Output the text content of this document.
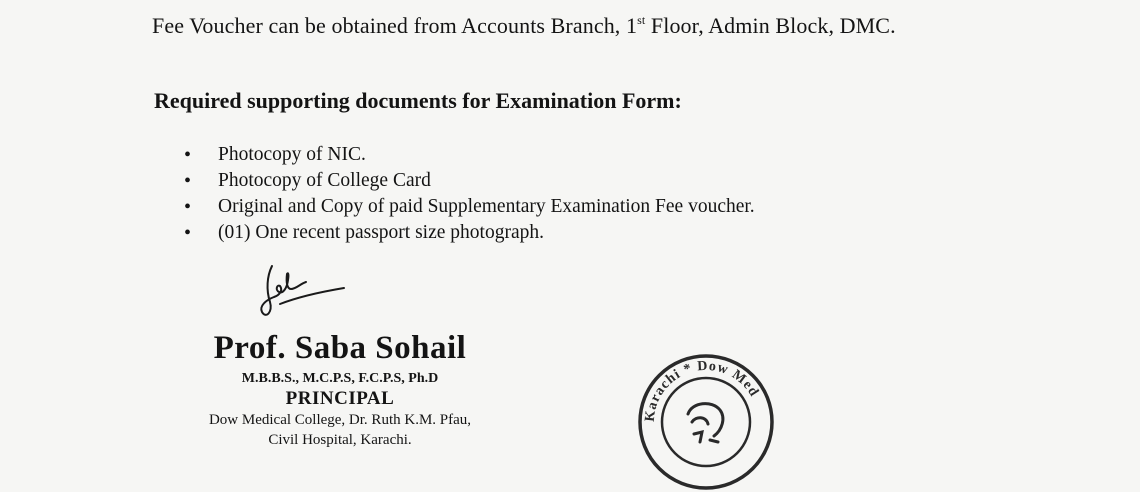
Fee Voucher can be obtained from Accounts Branch, 1st Floor, Admin Block, DMC.
Required supporting documents for Examination Form:
• Photocopy of NIC.
• Photocopy of College Card
• Original and Copy of paid Supplementary Examination Fee voucher.
• (01) One recent passport size photograph.
Prof. Saba Sohail
M.B.B.S., M.C.P.S, F.C.P.S, Ph.D
PRINCIPAL
Dow Medical College, Dr. Ruth K.M. Pfau,
Civil Hospital, Karachi.
Karachi * Dow Med
